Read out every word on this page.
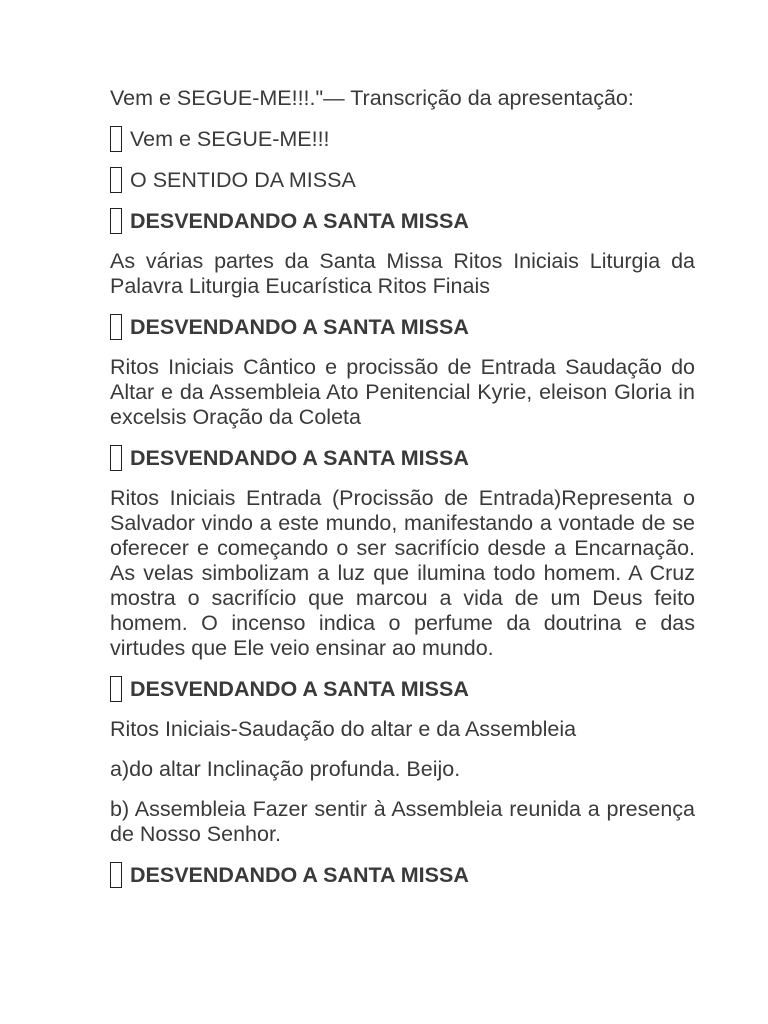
Vem e SEGUE-ME!!!."— Transcrição da apresentação:

Vem e SEGUE-ME!!!
O SENTIDO DA MISSA
DESVENDANDO A SANTA MISSA

As várias partes da Santa Missa Ritos Iniciais Liturgia da Palavra Liturgia Eucarística Ritos Finais

DESVENDANDO A SANTA MISSA

Ritos Iniciais Cântico e procissão de Entrada Saudação do Altar e da Assembleia Ato Penitencial Kyrie, eleison Gloria in excelsis Oração da Coleta

DESVENDANDO A SANTA MISSA

Ritos Iniciais Entrada (Procissão de Entrada)Representa o Salvador vindo a este mundo, manifestando a vontade de se oferecer e começando o ser sacrifício desde a Encarnação. As velas simbolizam a luz que ilumina todo homem. A Cruz mostra o sacrifício que marcou a vida de um Deus feito homem. O incenso indica o perfume da doutrina e das virtudes que Ele veio ensinar ao mundo.

DESVENDANDO A SANTA MISSA

Ritos Iniciais-Saudação do altar e da Assembleia

a)do altar Inclinação profunda. Beijo.

b) Assembleia Fazer sentir à Assembleia reunida a presença de Nosso Senhor.

DESVENDANDO A SANTA MISSA
